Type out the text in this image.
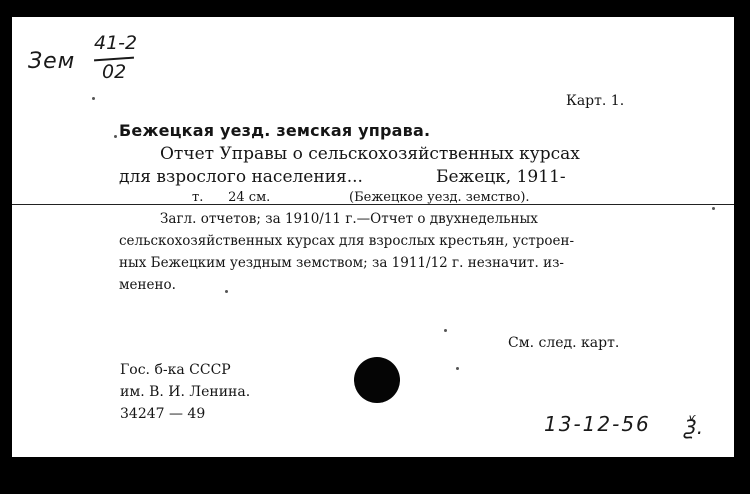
Зем
41-2
02
Карт. 1.
Бежецкая уезд. земская управа.
Отчет Управы о сельскохозяйственных курсах
для взрослого населения...	Бежецк, 1911-
т.      24 см.	(Бежецкое уезд. земство).
Загл. отчетов; за 1910/11 г.—Отчет о двухнедельных
сельскохозяйственных курсах для взрослых крестьян, устроен-
ных Бежецким уездным земством; за 1911/12 г. незначит. из-
менено.
См. след. карт.
Гос. б-ка СССР
им. В. И. Ленина.
34247 — 49	13-12-56 Ѯ.
